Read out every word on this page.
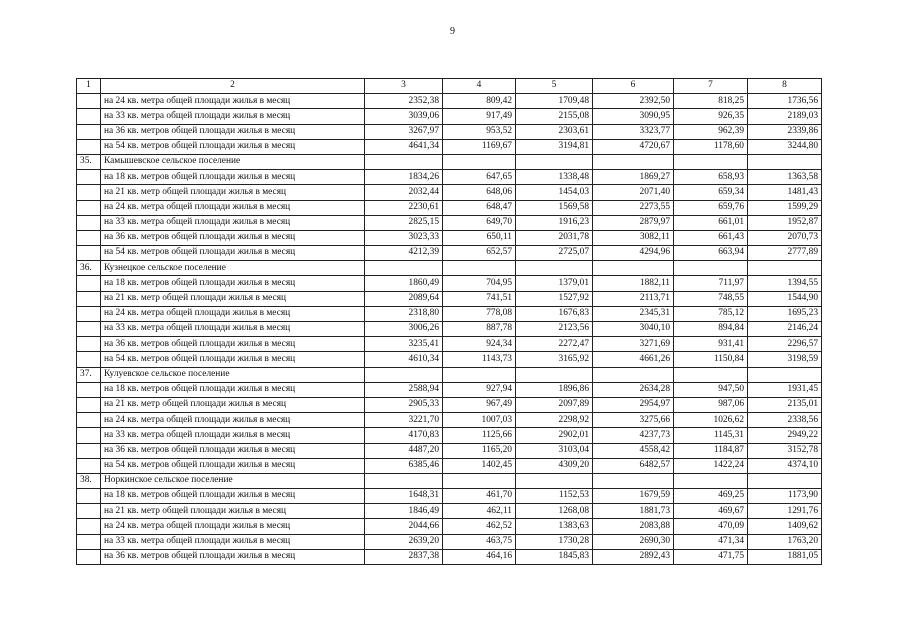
9
1	2	3	4	5	6	7	8
	на 24 кв. метра общей площади жилья в месяц	2352,38	809,42	1709,48	2392,50	818,25	1736,56
	на 33 кв. метра общей площади жилья в месяц	3039,06	917,49	2155,08	3090,95	926,35	2189,03
	на 36 кв. метров общей площади жилья в месяц	3267,97	953,52	2303,61	3323,77	962,39	2339,86
	на 54 кв. метров общей площади жилья в месяц	4641,34	1169,67	3194,81	4720,67	1178,60	3244,80
35.	Камышевское сельское поселение						
	на 18 кв. метров общей площади жилья в месяц	1834,26	647,65	1338,48	1869,27	658,93	1363,58
	на 21 кв. метр общей площади жилья в месяц	2032,44	648,06	1454,03	2071,40	659,34	1481,43
	на 24 кв. метра общей площади жилья в месяц	2230,61	648,47	1569,58	2273,55	659,76	1599,29
	на 33 кв. метра общей площади жилья в месяц	2825,15	649,70	1916,23	2879,97	661,01	1952,87
	на 36 кв. метров общей площади жилья в месяц	3023,33	650,11	2031,78	3082,11	661,43	2070,73
	на 54 кв. метров общей площади жилья в месяц	4212,39	652,57	2725,07	4294,96	663,94	2777,89
36.	Кузнецкое сельское поселение						
	на 18 кв. метров общей площади жилья в месяц	1860,49	704,95	1379,01	1882,11	711,97	1394,55
	на 21 кв. метр общей площади жилья в месяц	2089,64	741,51	1527,92	2113,71	748,55	1544,90
	на 24 кв. метра общей площади жилья в месяц	2318,80	778,08	1676,83	2345,31	785,12	1695,23
	на 33 кв. метра общей площади жилья в месяц	3006,26	887,78	2123,56	3040,10	894,84	2146,24
	на 36 кв. метров общей площади жилья в месяц	3235,41	924,34	2272,47	3271,69	931,41	2296,57
	на 54 кв. метров общей площади жилья в месяц	4610,34	1143,73	3165,92	4661,26	1150,84	3198,59
37.	Кулуевское сельское поселение						
	на 18 кв. метров общей площади жилья в месяц	2588,94	927,94	1896,86	2634,28	947,50	1931,45
	на 21 кв. метр общей площади жилья в месяц	2905,33	967,49	2097,89	2954,97	987,06	2135,01
	на 24 кв. метра общей площади жилья в месяц	3221,70	1007,03	2298,92	3275,66	1026,62	2338,56
	на 33 кв. метра общей площади жилья в месяц	4170,83	1125,66	2902,01	4237,73	1145,31	2949,22
	на 36 кв. метров общей площади жилья в месяц	4487,20	1165,20	3103,04	4558,42	1184,87	3152,78
	на 54 кв. метров общей площади жилья в месяц	6385,46	1402,45	4309,20	6482,57	1422,24	4374,10
38.	Норкинское сельское поселение						
	на 18 кв. метров общей площади жилья в месяц	1648,31	461,70	1152,53	1679,59	469,25	1173,90
	на 21 кв. метр общей площади жилья в месяц	1846,49	462,11	1268,08	1881,73	469,67	1291,76
	на 24 кв. метра общей площади жилья в месяц	2044,66	462,52	1383,63	2083,88	470,09	1409,62
	на 33 кв. метра общей площади жилья в месяц	2639,20	463,75	1730,28	2690,30	471,34	1763,20
	на 36 кв. метров общей площади жилья в месяц	2837,38	464,16	1845,83	2892,43	471,75	1881,05
